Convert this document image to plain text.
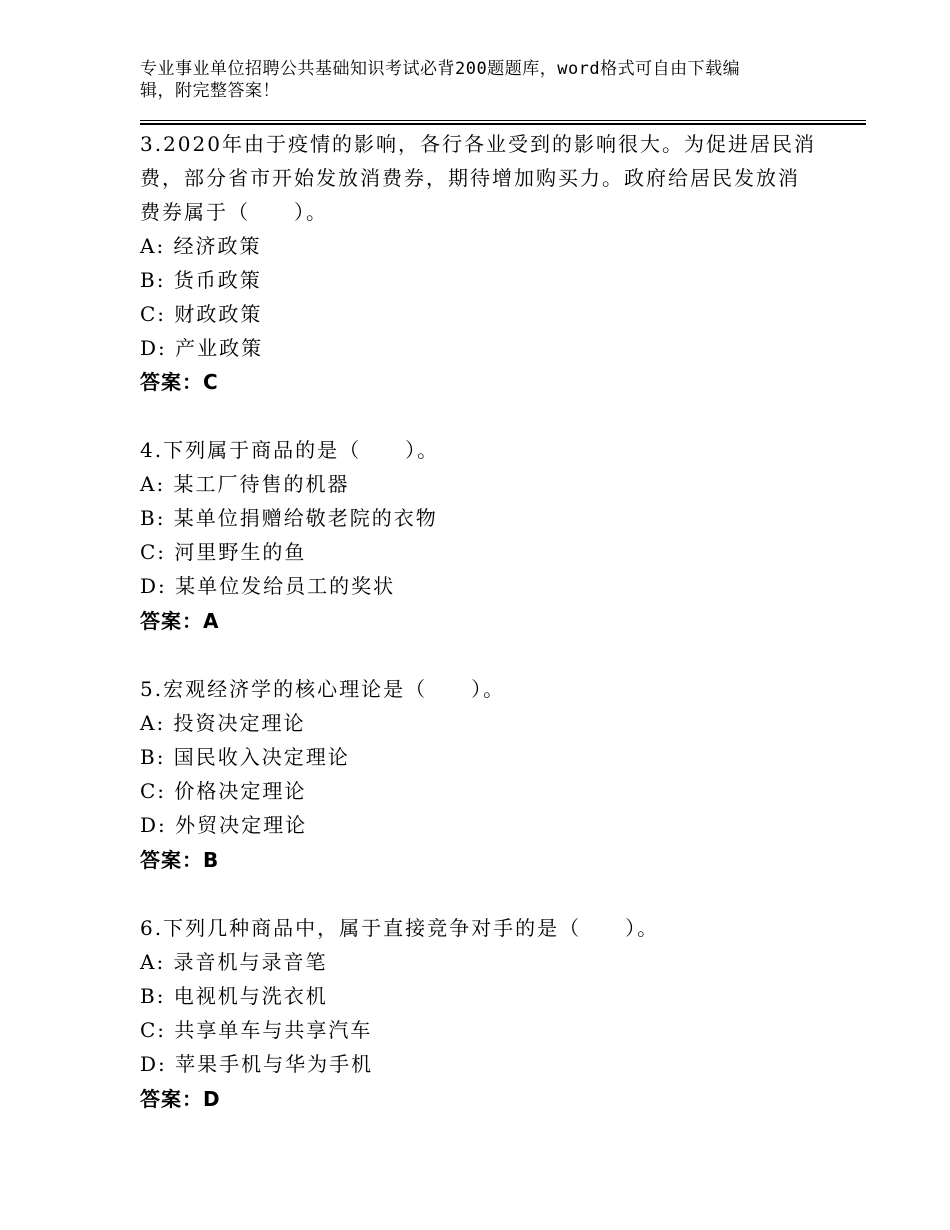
专业事业单位招聘公共基础知识考试必背200题题库，word格式可自由下载编
辑，附完整答案！
3.2020年由于疫情的影响，各行各业受到的影响很大。为促进居民消
费，部分省市开始发放消费券，期待增加购买力。政府给居民发放消
费券属于（　　）。
A: 经济政策
B: 货币政策
C: 财政政策
D: 产业政策
答案：C
4.下列属于商品的是（　　）。
A: 某工厂待售的机器
B: 某单位捐赠给敬老院的衣物
C: 河里野生的鱼
D: 某单位发给员工的奖状
答案：A
5.宏观经济学的核心理论是（　　）。
A: 投资决定理论
B: 国民收入决定理论
C: 价格决定理论
D: 外贸决定理论
答案：B
6.下列几种商品中，属于直接竞争对手的是（　　）。
A: 录音机与录音笔
B: 电视机与洗衣机
C: 共享单车与共享汽车
D: 苹果手机与华为手机
答案：D
